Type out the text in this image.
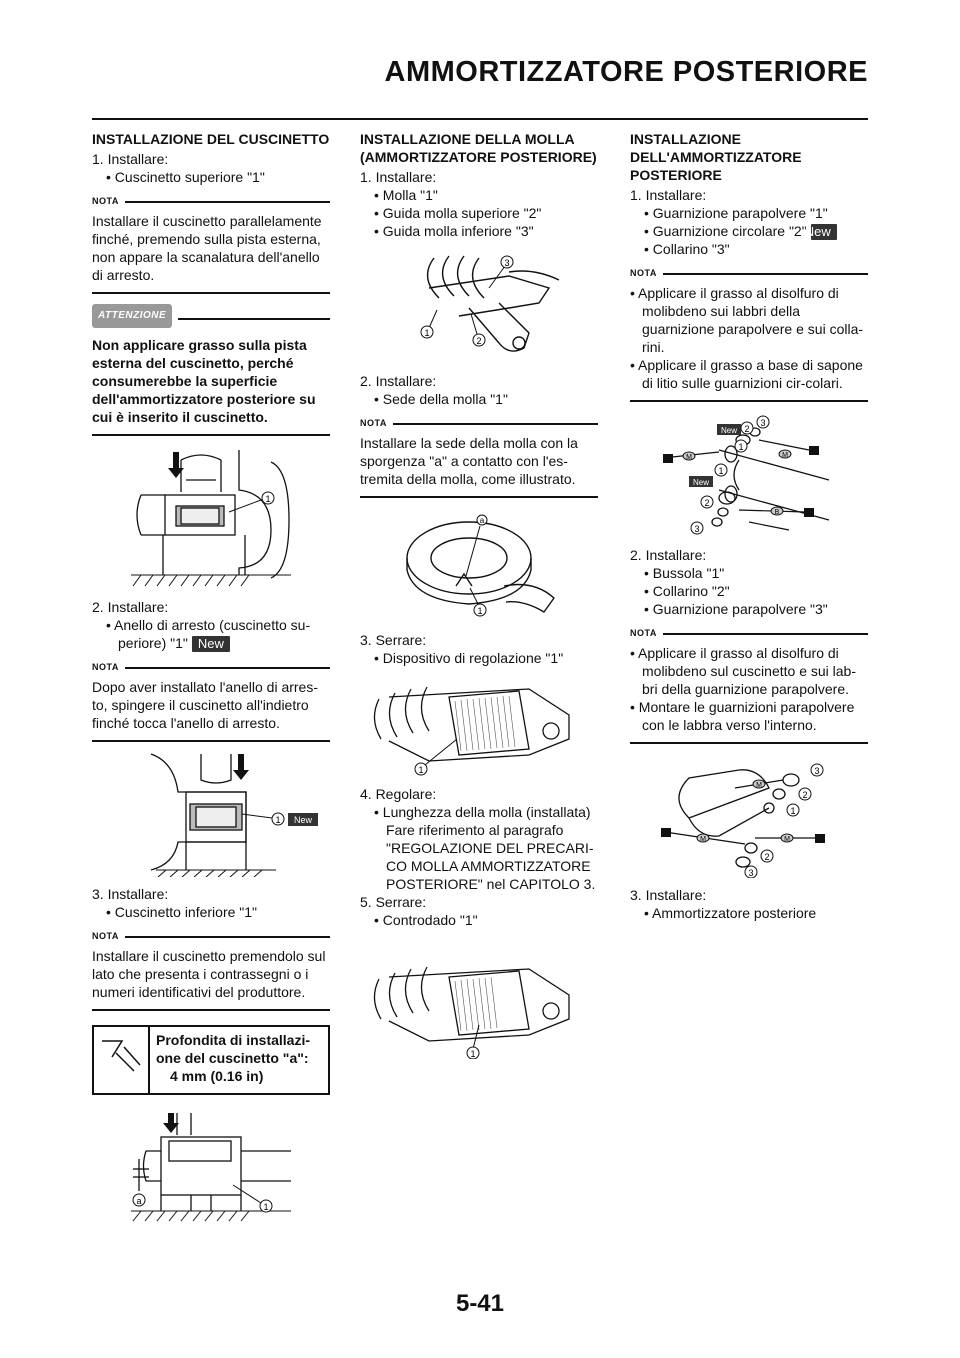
AMMORTIZZATORE POSTERIORE
INSTALLAZIONE DEL CUSCINETTO
1. Installare:
• Cuscinetto superiore "1"
NOTA
Installare il cuscinetto parallelamente finché, premendo sulla pista esterna, non appare la scanalatura dell'anello di arresto.
ATTENZIONE
Non applicare grasso sulla pista esterna del cuscinetto, perché consumerebbe la superficie dell'ammortizzatore posteriore su cui è inserito il cuscinetto.
1
2. Installare:
• Anello di arresto (cuscinetto su-
periore) "1" New
NOTA
Dopo aver installato l'anello di arres-to, spingere il cuscinetto all'indietro finché tocca l'anello di arresto.
1 New
3. Installare:
• Cuscinetto inferiore "1"
NOTA
Installare il cuscinetto premendolo sul lato che presenta i contrassegni o i numeri identificativi del produttore.
Profondita di installazi-
one del cuscinetto "a":
4 mm (0.16 in)
1
a
INSTALLAZIONE DELLA MOLLA (AMMORTIZZATORE POSTERIORE)
1. Installare:
• Molla "1"
• Guida molla superiore "2"
• Guida molla inferiore "3"
1
2
3
2. Installare:
• Sede della molla "1"
NOTA
Installare la sede della molla con la sporgenza "a" a contatto con l'es-tremita della molla, come illustrato.
a
1
3. Serrare:
• Dispositivo di regolazione "1"
1
4. Regolare:
• Lunghezza della molla (installata)
Fare riferimento al paragrafo "REGOLAZIONE DEL PRECARI-CO MOLLA AMMORTIZZATORE POSTERIORE" nel CAPITOLO 3.
5. Serrare:
• Controdado "1"
1
INSTALLAZIONE DELL'AMMORTIZZATORE POSTERIORE
1. Installare:
• Guarnizione parapolvere "1"
• Guarnizione circolare "2"New
• Collarino "3"
NOTA
• Applicare il grasso al disolfuro di molibdeno sui labbri della guarnizione parapolvere e sui colla-rini.
• Applicare il grasso a base di sapone di litio sulle guarnizioni cir-colari.
M
M
B
New
New
2
3
1
1
2
3
2. Installare:
• Bussola "1"
• Collarino "2"
• Guarnizione parapolvere "3"
NOTA
• Applicare il grasso al disolfuro di molibdeno sul cuscinetto e sui lab-bri della guarnizione parapolvere.
• Montare le guarnizioni parapolvere con le labbra verso l'interno.
M
M	M
3
2
1
2
3
3. Installare:
• Ammortizzatore posteriore
5-41
